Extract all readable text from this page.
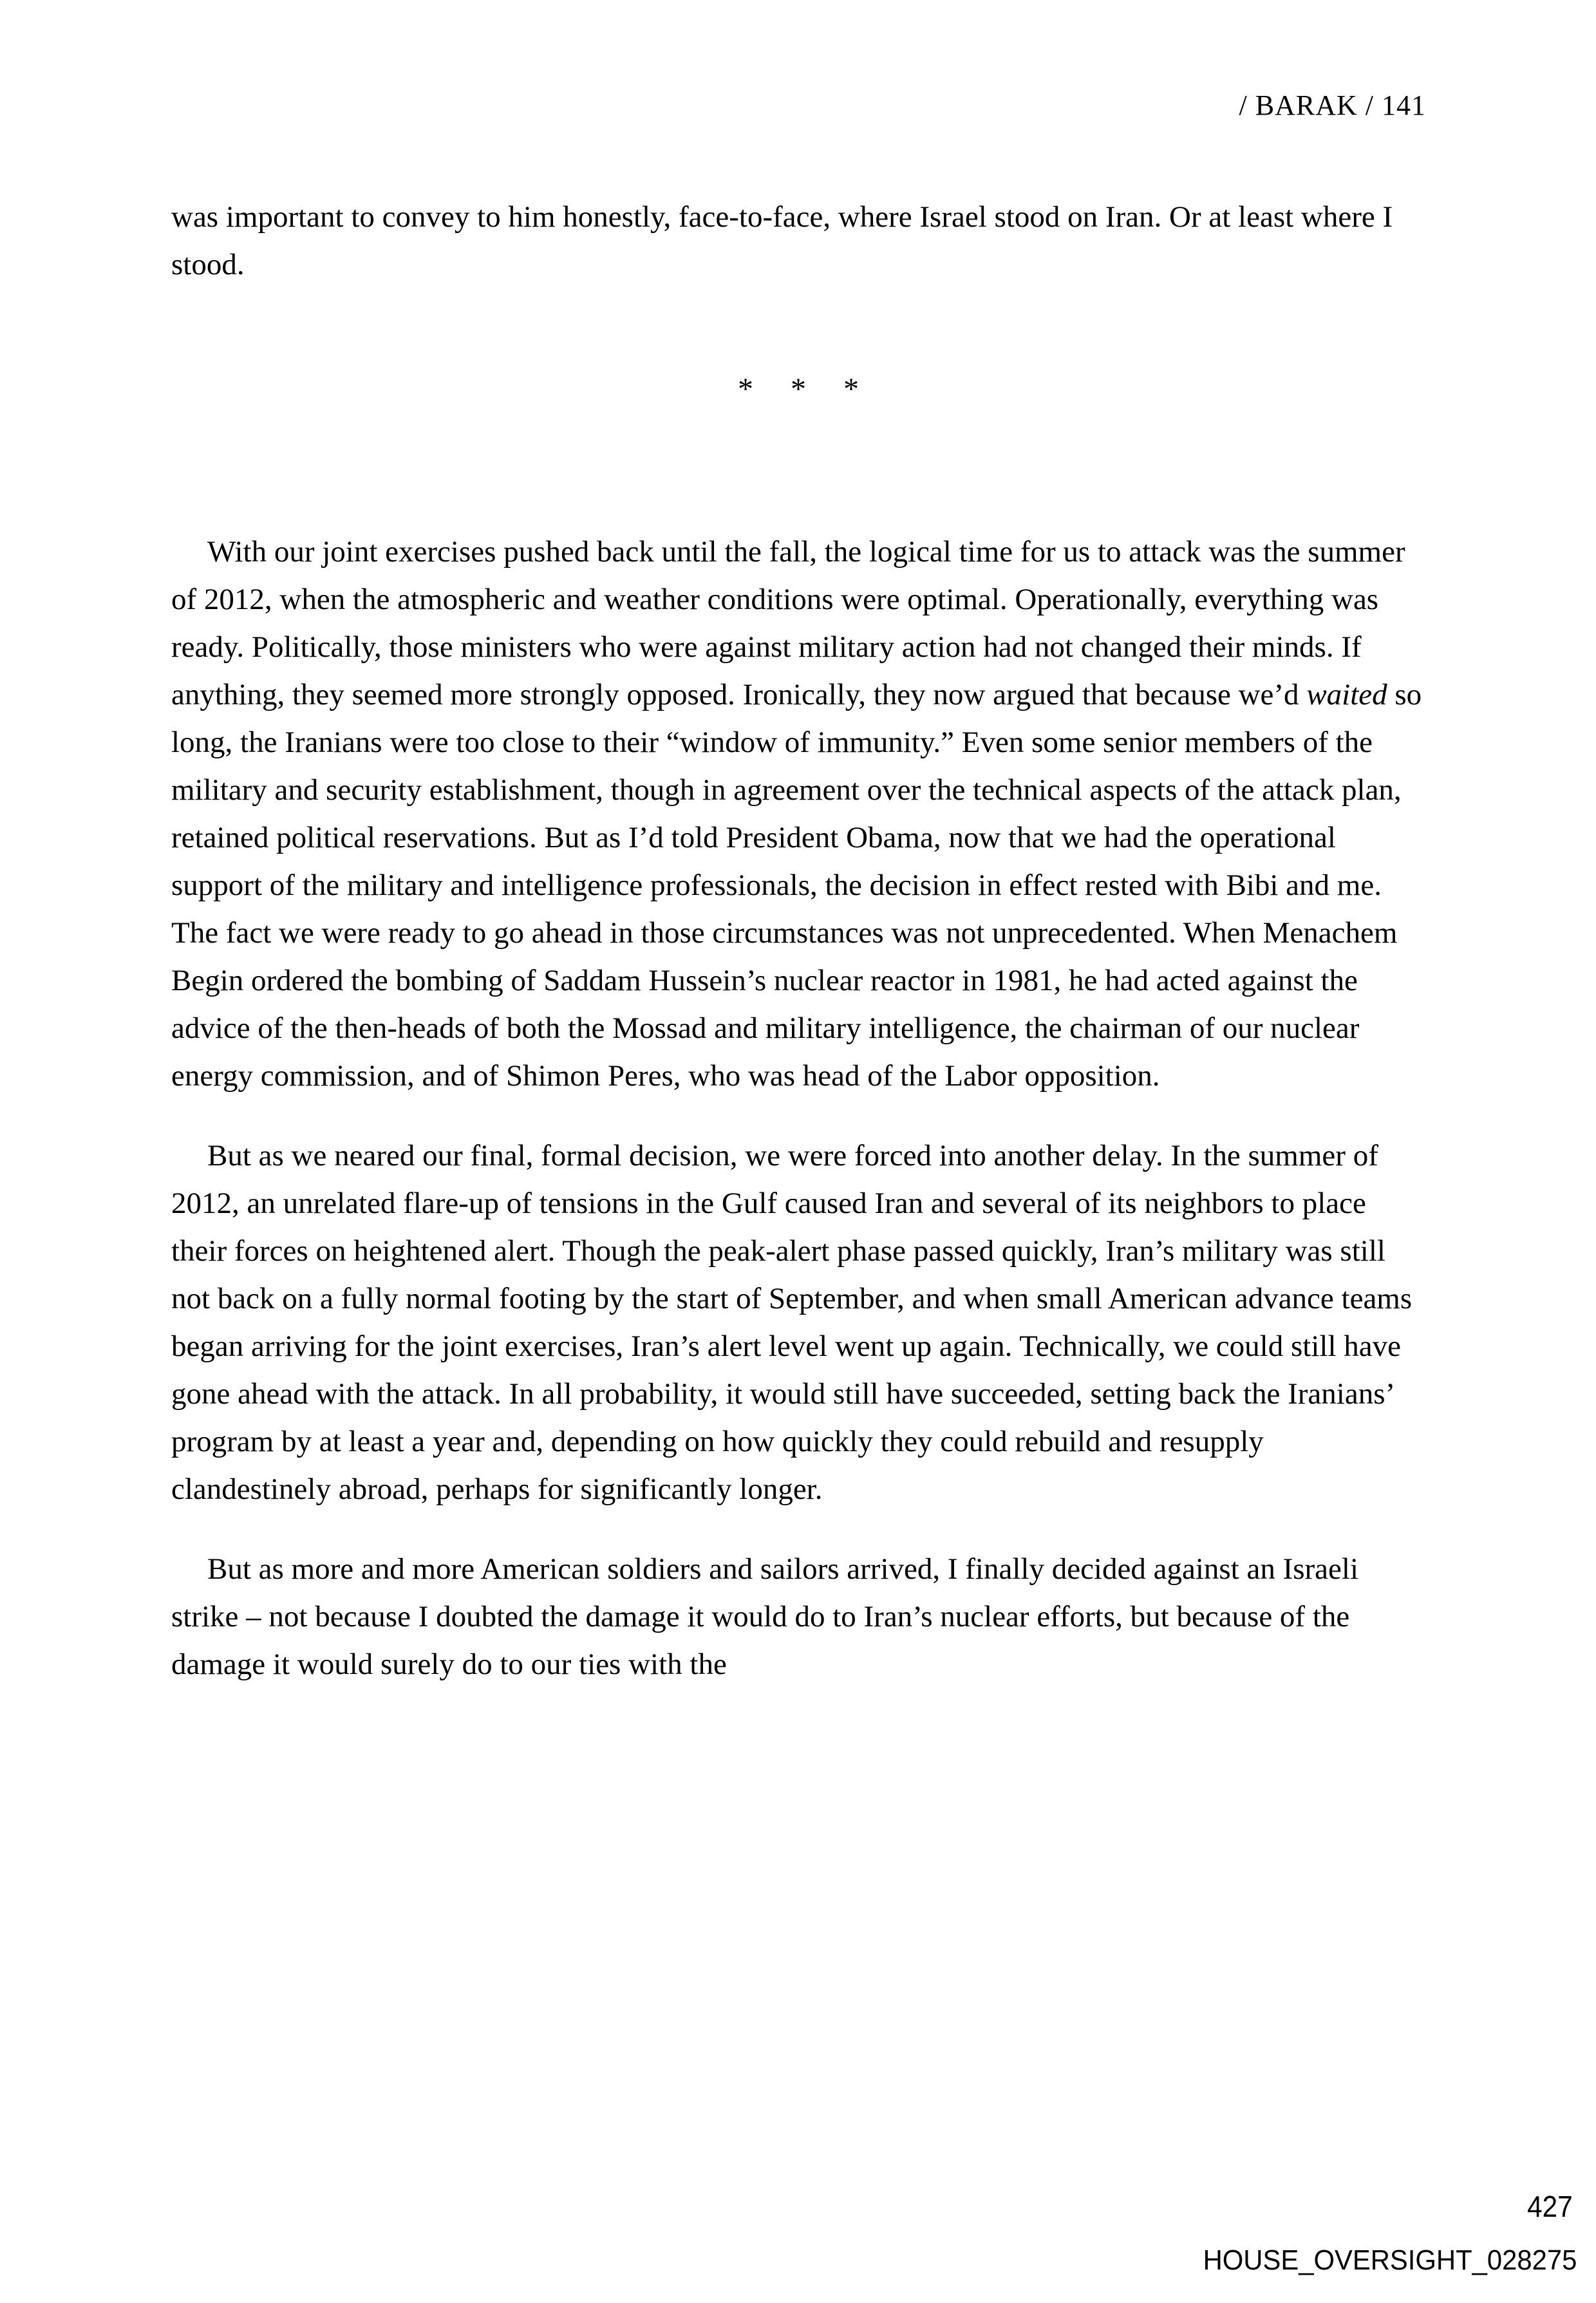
/ BARAK / 141

was important to convey to him honestly, face-to-face, where Israel stood on Iran. Or at least where I stood.

* * *

With our joint exercises pushed back until the fall, the logical time for us to attack was the summer of 2012, when the atmospheric and weather conditions were optimal. Operationally, everything was ready. Politically, those ministers who were against military action had not changed their minds. If anything, they seemed more strongly opposed. Ironically, they now argued that because we’d waited so long, the Iranians were too close to their “window of immunity.” Even some senior members of the military and security establishment, though in agreement over the technical aspects of the attack plan, retained political reservations. But as I’d told President Obama, now that we had the operational support of the military and intelligence professionals, the decision in effect rested with Bibi and me. The fact we were ready to go ahead in those circumstances was not unprecedented. When Menachem Begin ordered the bombing of Saddam Hussein’s nuclear reactor in 1981, he had acted against the advice of the then-heads of both the Mossad and military intelligence, the chairman of our nuclear energy commission, and of Shimon Peres, who was head of the Labor opposition.

But as we neared our final, formal decision, we were forced into another delay. In the summer of 2012, an unrelated flare-up of tensions in the Gulf caused Iran and several of its neighbors to place their forces on heightened alert. Though the peak-alert phase passed quickly, Iran’s military was still not back on a fully normal footing by the start of September, and when small American advance teams began arriving for the joint exercises, Iran’s alert level went up again. Technically, we could still have gone ahead with the attack. In all probability, it would still have succeeded, setting back the Iranians’ program by at least a year and, depending on how quickly they could rebuild and resupply clandestinely abroad, perhaps for significantly longer.

But as more and more American soldiers and sailors arrived, I finally decided against an Israeli strike – not because I doubted the damage it would do to Iran’s nuclear efforts, but because of the damage it would surely do to our ties with the

427
HOUSE_OVERSIGHT_028275
